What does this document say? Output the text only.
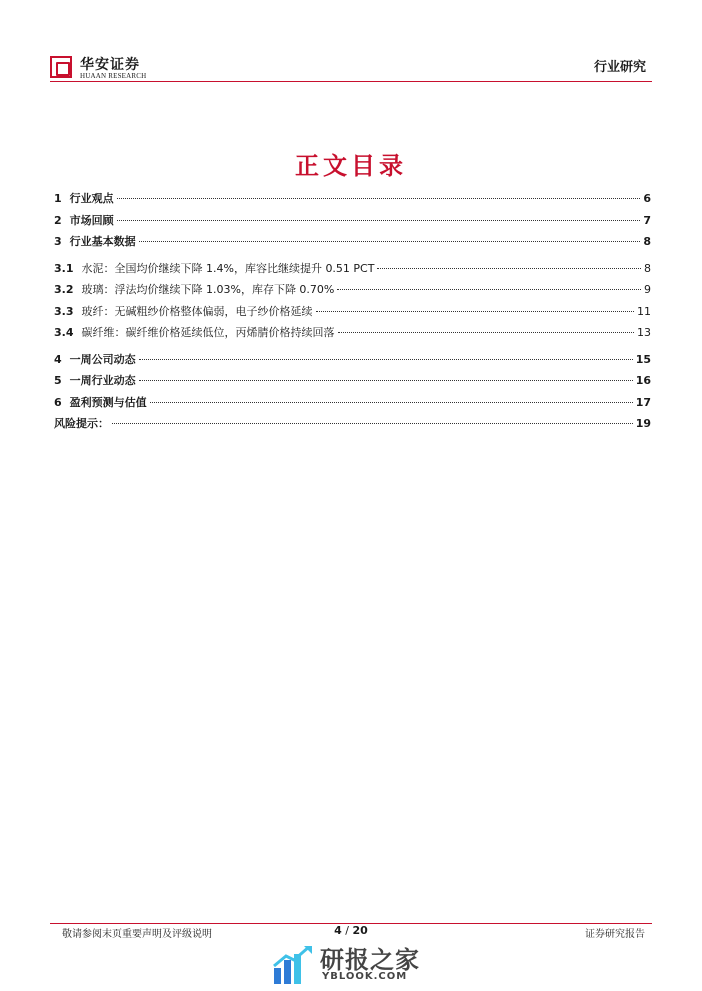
华安证券
HUAAN RESEARCH
行业研究
正文目录
1 行业观点	6
2 市场回顾	7
3 行业基本数据	8
3.1 水泥：全国均价继续下降 1.4%，库容比继续提升 0.51 PCT	8
3.2 玻璃：浮法均价继续下降 1.03%，库存下降 0.70%	9
3.3 玻纤：无碱粗纱价格整体偏弱，电子纱价格延续	11
3.4 碳纤维：碳纤维价格延续低位，丙烯腈价格持续回落	13
4 一周公司动态	15
5 一周行业动态	16
6 盈利预测与估值	17
风险提示：	19
敬请参阅末页重要声明及评级说明	4 / 20	证券研究报告
研报之家
YBLOOK.COM
